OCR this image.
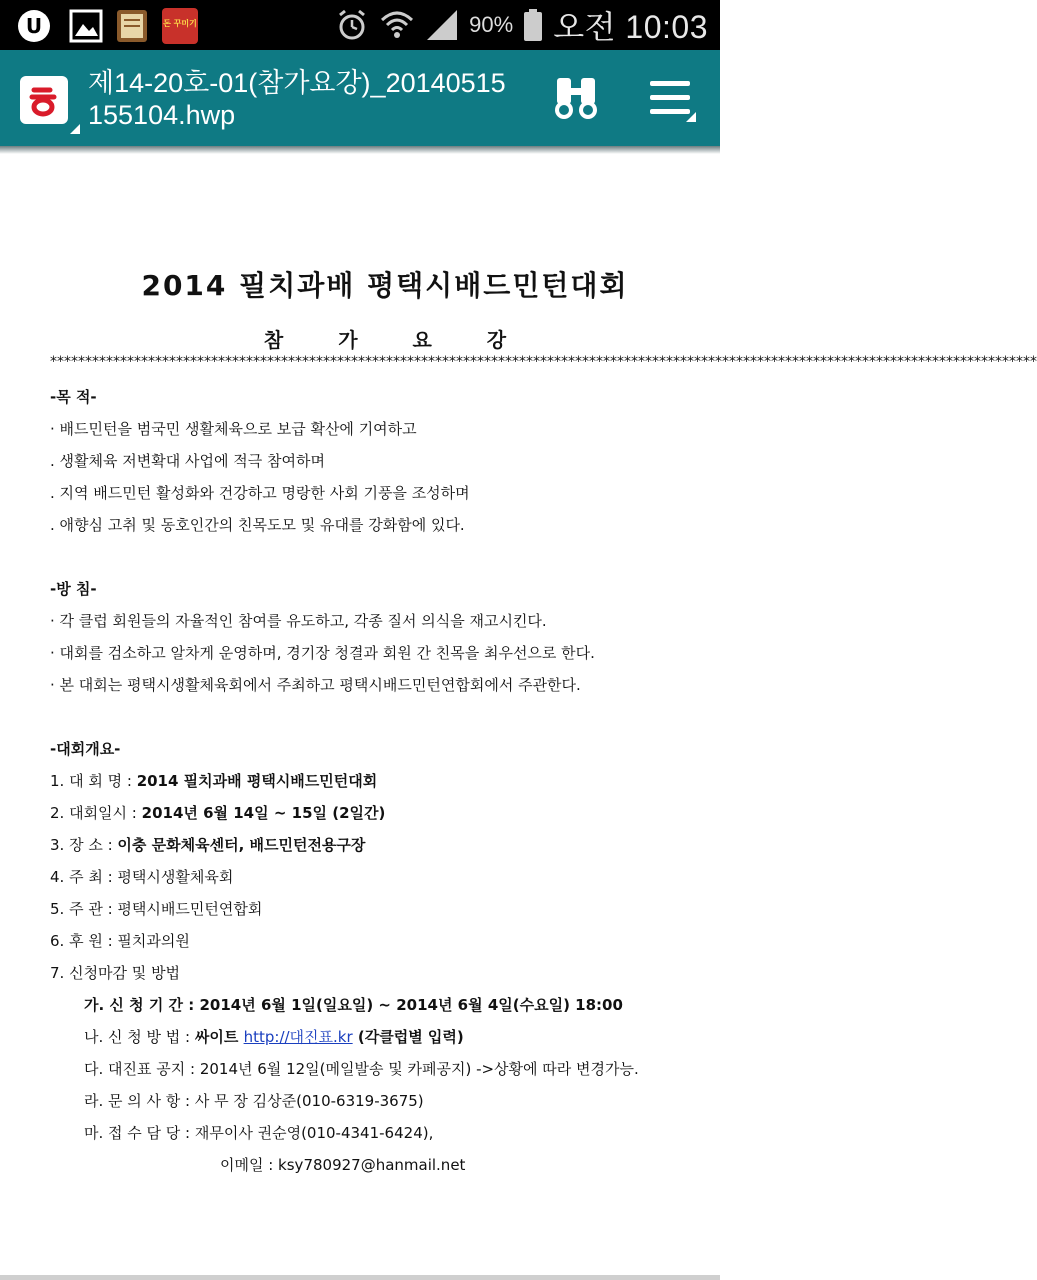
U	돈 꾸미기	90% 오전 10:03
제14-20호-01(참가요강)_20140515155104.hwp
2014 필치과배 평택시배드민턴대회
참 가 요 강
*********************************************************************************************************************************************
-목 적-
· 배드민턴을 범국민 생활체육으로 보급 확산에 기여하고
. 생활체육 저변확대 사업에 적극 참여하며
. 지역 배드민턴 활성화와 건강하고 명랑한 사회 기풍을 조성하며
. 애향심 고취 및 동호인간의 친목도모 및 유대를 강화함에 있다.
-방 침-
· 각 클럽 회원들의 자율적인 참여를 유도하고, 각종 질서 의식을 재고시킨다.
· 대회를 검소하고 알차게 운영하며, 경기장 청결과 회원 간 친목을 최우선으로 한다.
· 본 대회는 평택시생활체육회에서 주최하고 평택시배드민턴연합회에서 주관한다.
-대회개요-
1. 대 회 명 : 2014 필치과배 평택시배드민턴대회
2. 대회일시 : 2014년 6월 14일 ~ 15일 (2일간)
3. 장 소 : 이충 문화체육센터, 배드민턴전용구장
4. 주 최 : 평택시생활체육회
5. 주 관 : 평택시배드민턴연합회
6. 후 원 : 필치과의원
7. 신청마감 및 방법
가. 신 청 기 간 : 2014년 6월 1일(일요일) ~ 2014년 6월 4일(수요일) 18:00
나. 신 청 방 법 : 싸이트 http://대진표.kr (각클럽별 입력)
다. 대진표 공지 : 2014년 6월 12일(메일발송 및 카페공지) ->상황에 따라 변경가능.
라. 문 의 사 항 : 사 무 장 김상준(010-6319-3675)
마. 접 수 담 당 : 재무이사 권순영(010-4341-6424),
이메일 : ksy780927@hanmail.net
